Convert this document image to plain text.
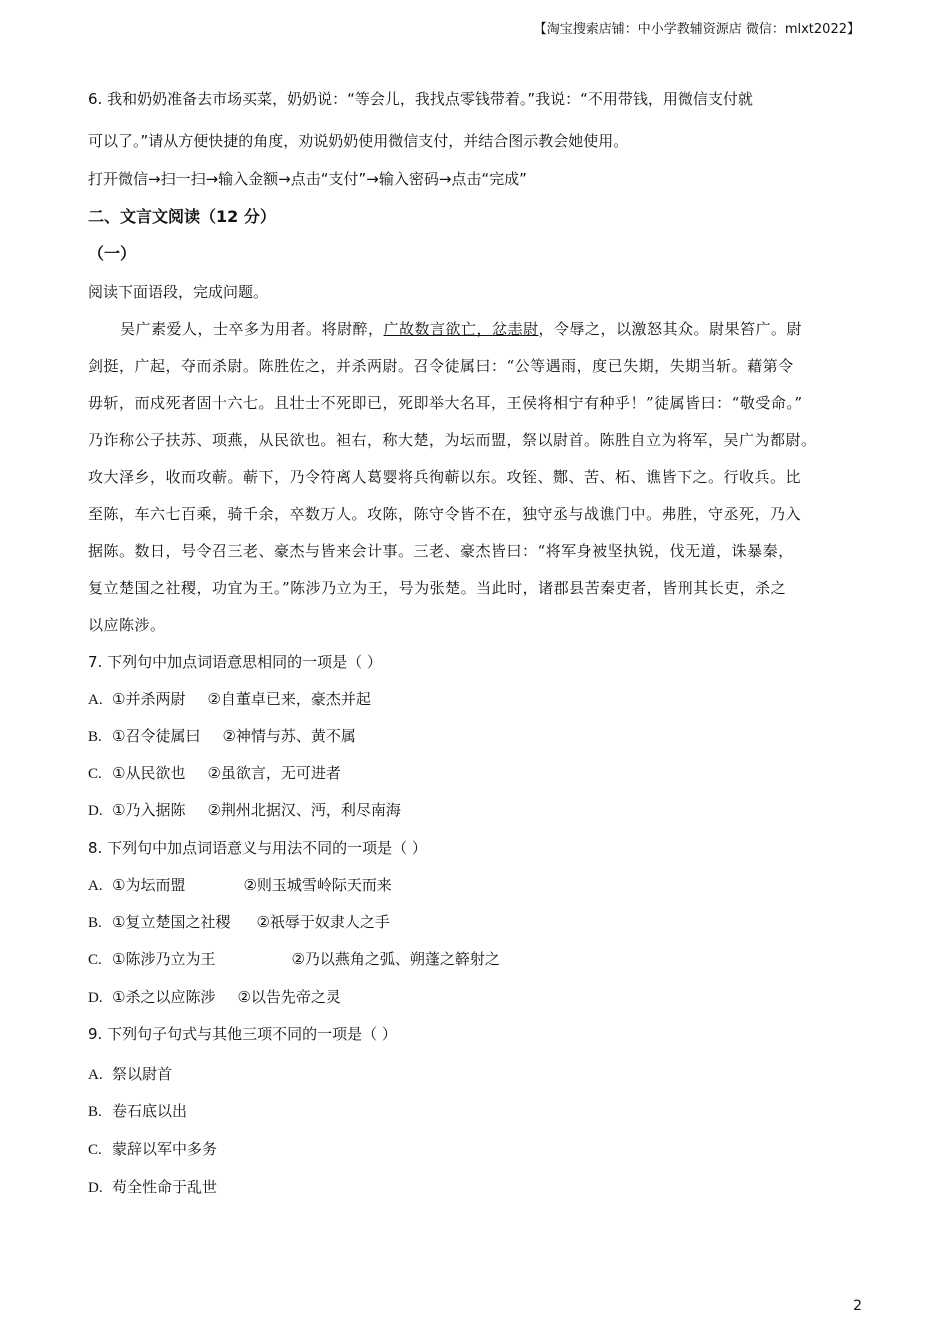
【淘宝搜索店铺：中小学教辅资源店 微信：mlxt2022】
6. 我和奶奶准备去市场买菜，奶奶说：“等会儿，我找点零钱带着。”我说：“不用带钱，用微信支付就
可以了。”请从方便快捷的角度，劝说奶奶使用微信支付，并结合图示教会她使用。
打开微信→扫一扫→输入金额→点击“支付”→输入密码→点击“完成”
二、文言文阅读（12 分）
（一）
阅读下面语段，完成问题。
吴广素爱人，士卒多为用者。将尉醉，广故数言欲亡，忿恚尉，令辱之，以激怒其众。尉果笞广。尉
剑挺，广起，夺而杀尉。陈胜佐之，并杀两尉。召令徒属曰：“公等遇雨，度已失期，失期当斩。藉第令
毋斩，而戍死者固十六七。且壮士不死即已，死即举大名耳，王侯将相宁有种乎！”徒属皆曰：“敬受命。”
乃诈称公子扶苏、项燕，从民欲也。袒右，称大楚，为坛而盟，祭以尉首。陈胜自立为将军，吴广为都尉。
攻大泽乡，收而攻蕲。蕲下，乃令符离人葛婴将兵徇蕲以东。攻铚、酂、苦、柘、谯皆下之。行收兵。比
至陈，车六七百乘，骑千余，卒数万人。攻陈，陈守令皆不在，独守丞与战谯门中。弗胜，守丞死，乃入
据陈。数日，号令召三老、豪杰与皆来会计事。三老、豪杰皆曰：“将军身被坚执锐，伐无道，诛暴秦，
复立楚国之社稷，功宜为王。”陈涉乃立为王，号为张楚。当此时，诸郡县苦秦吏者，皆刑其长吏，杀之
以应陈涉。
7. 下列句中加点词语意思相同的一项是（ ）
A. ①并杀两尉 ②自董卓已来，豪杰并起
B. ①召令徒属曰 ②神情与苏、黄不属
C. ①从民欲也 ②虽欲言，无可进者
D. ①乃入据陈 ②荆州北据汉、沔，利尽南海
8. 下列句中加点词语意义与用法不同的一项是（ ）
A. ①为坛而盟	②则玉城雪岭际天而来
B. ①复立楚国之社稷 ②祇辱于奴隶人之手
C. ①陈涉乃立为王	②乃以燕角之弧、朔蓬之簳射之
D. ①杀之以应陈涉 ②以告先帝之灵
9. 下列句子句式与其他三项不同的一项是（ ）
A. 祭以尉首
B. 卷石底以出
C. 蒙辞以军中多务
D. 苟全性命于乱世
2
